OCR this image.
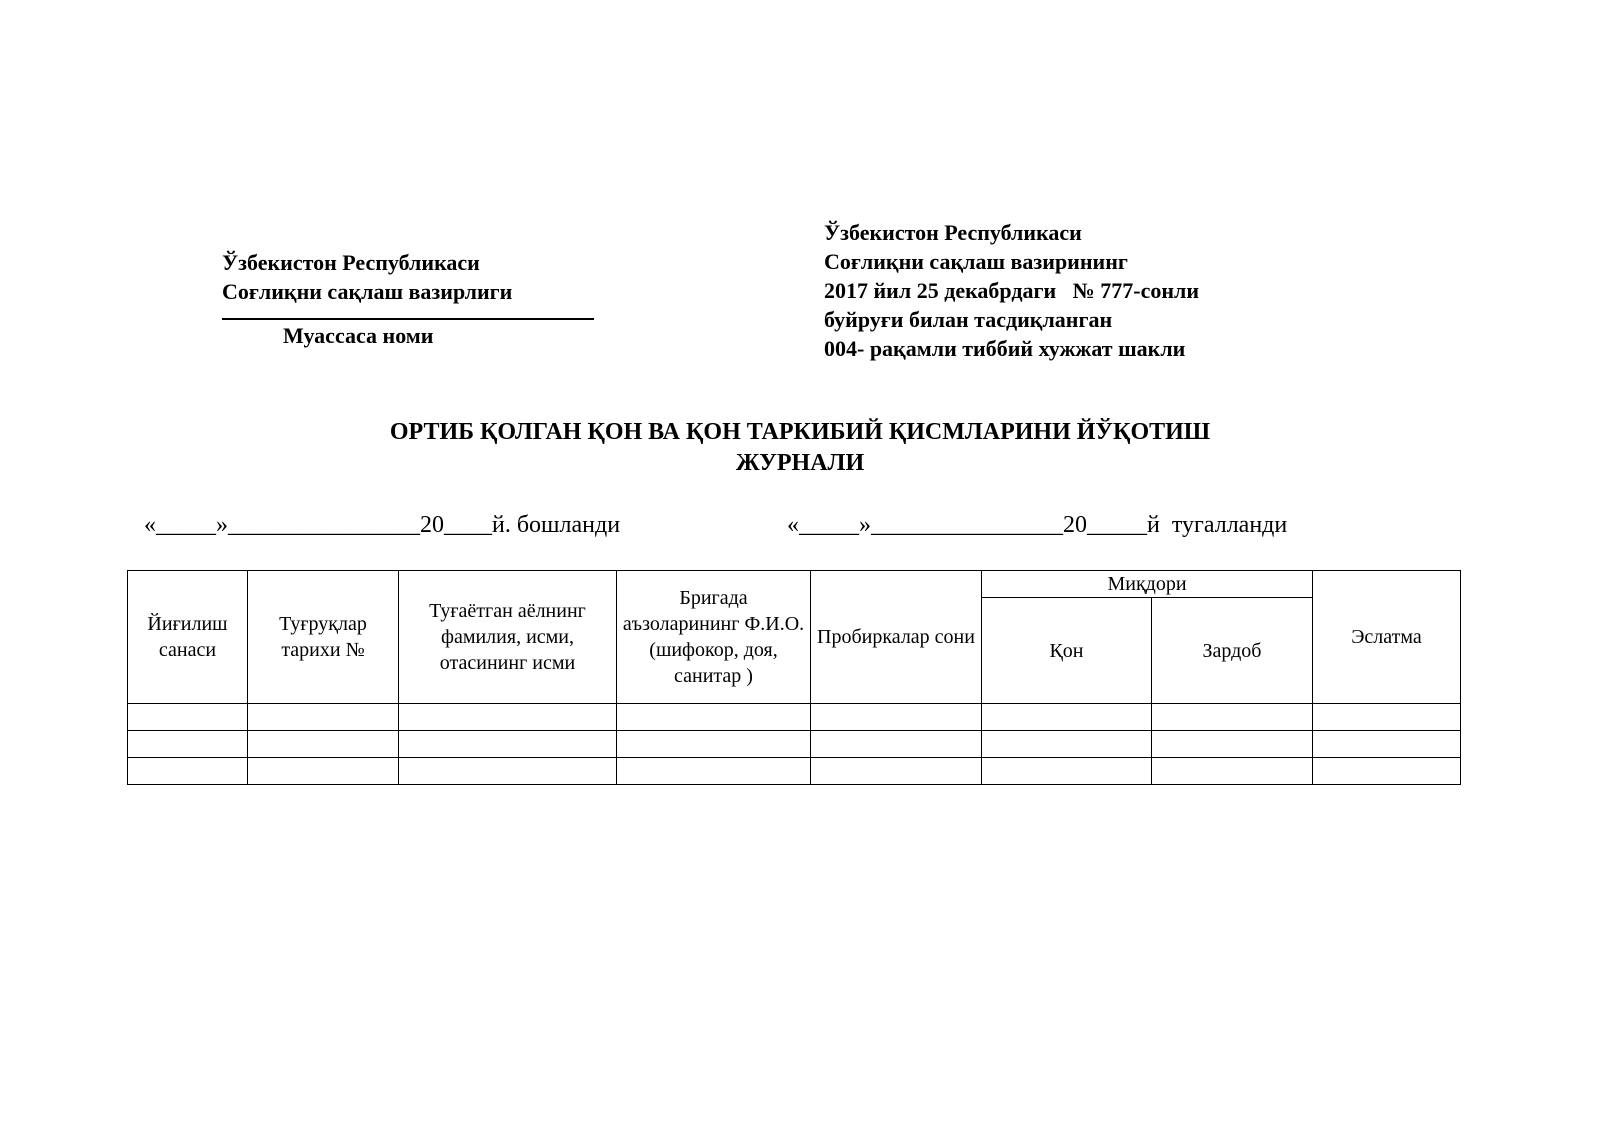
Ўзбекистон Республикаси
Соғлиқни сақлаш вазирлиги
Муассаса номи
Ўзбекистон Республикаси
Соғлиқни сақлаш вазирининг
2017 йил 25 декабрдаги   № 777-сонли
буйруғи билан тасдиқланган
004- рақамли тиббий хужжат шакли
ОРТИБ ҚОЛГАН ҚОН ВА ҚОН ТАРКИБИЙ ҚИСМЛАРИНИ ЙЎҚОТИШ
ЖУРНАЛИ
«_____»________________20____й. бошланди	«_____»________________20_____й  тугалланди
Йиғилиш санаси	Туғруқлар тарихи №	Туғаётган аёлнинг фамилия, исми, отасининг исми	Бригада аъзоларининг Ф.И.О. (шифокор, доя, санитар )	Пробиркалар сони	Миқдори		Эслатма
					Қон	Зардоб	
